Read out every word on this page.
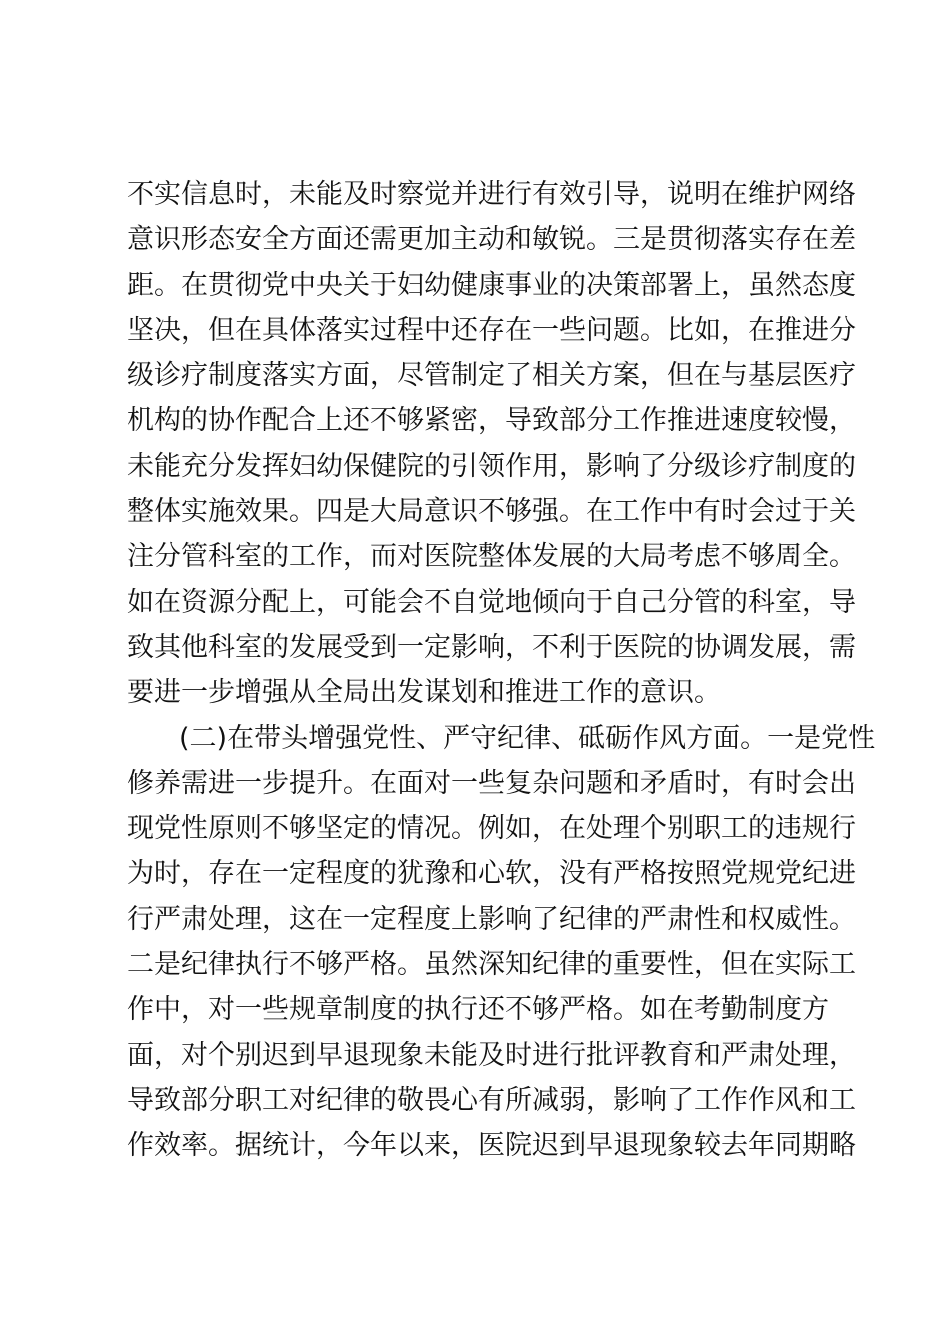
不实信息时，未能及时察觉并进行有效引导，说明在维护网络
意识形态安全方面还需更加主动和敏锐。三是贯彻落实存在差
距。在贯彻党中央关于妇幼健康事业的决策部署上，虽然态度
坚决，但在具体落实过程中还存在一些问题。比如，在推进分
级诊疗制度落实方面，尽管制定了相关方案，但在与基层医疗
机构的协作配合上还不够紧密，导致部分工作推进速度较慢，
未能充分发挥妇幼保健院的引领作用，影响了分级诊疗制度的
整体实施效果。四是大局意识不够强。在工作中有时会过于关
注分管科室的工作，而对医院整体发展的大局考虑不够周全。
如在资源分配上，可能会不自觉地倾向于自己分管的科室，导
致其他科室的发展受到一定影响，不利于医院的协调发展，需
要进一步增强从全局出发谋划和推进工作的意识。
(二)在带头增强党性、严守纪律、砥砺作风方面。一是党性
修养需进一步提升。在面对一些复杂问题和矛盾时，有时会出
现党性原则不够坚定的情况。例如，在处理个别职工的违规行
为时，存在一定程度的犹豫和心软，没有严格按照党规党纪进
行严肃处理，这在一定程度上影响了纪律的严肃性和权威性。
二是纪律执行不够严格。虽然深知纪律的重要性，但在实际工
作中，对一些规章制度的执行还不够严格。如在考勤制度方
面，对个别迟到早退现象未能及时进行批评教育和严肃处理，
导致部分职工对纪律的敬畏心有所减弱，影响了工作作风和工
作效率。据统计，今年以来，医院迟到早退现象较去年同期略
